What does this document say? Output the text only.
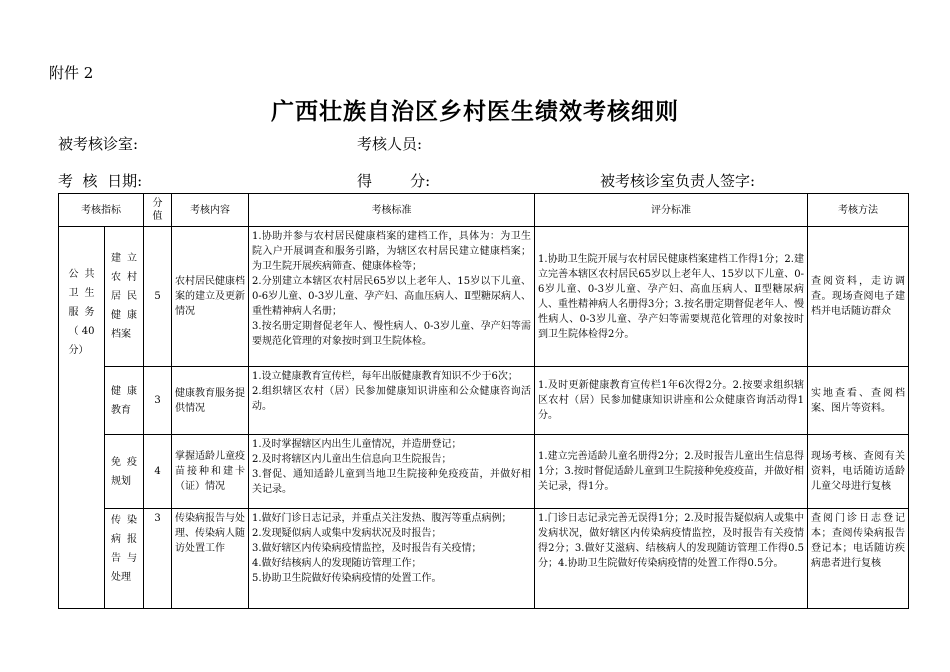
附件 2
广西壮族自治区乡村医生绩效考核细则
被考核诊室:	考核人员:
考  核  日期:	得        分:	被考核诊室负责人签字:
考核指标		分值	考核内容	考核标准	评分标准	考核方法

公共卫生服务（40分）	建立农村居民健康档案	5	农村居民健康档案的建立及更新情况	1.协助并参与农村居民健康档案的建档工作，具体为：为卫生院入户开展调查和服务引路，为辖区农村居民建立健康档案；为卫生院开展疾病筛查、健康体检等；
2.分别建立本辖区农村居民65岁以上老年人、15岁以下儿童、0-6岁儿童、0-3岁儿童、孕产妇、高血压病人、Ⅱ型糖尿病人、重性精神病人名册；
3.按名册定期督促老年人、慢性病人、0-3岁儿童、孕产妇等需要规范化管理的对象按时到卫生院体检。	1.协助卫生院开展与农村居民健康档案建档工作得1分；2.建立完善本辖区农村居民65岁以上老年人、15岁以下儿童、0-6岁儿童、0-3岁儿童、孕产妇、高血压病人、Ⅱ型糖尿病人、重性精神病人名册得3分；3.按名册定期督促老年人、慢性病人、0-3岁儿童、孕产妇等需要规范化管理的对象按时到卫生院体检得2分。	查阅资料，走访调查。现场查阅电子建档并电话随访群众

	健康教育	3	健康教育服务提供情况	1.设立健康教育宣传栏，每年出版健康教育知识不少于6次；
2.组织辖区农村（居）民参加健康知识讲座和公众健康咨询活动。	1.及时更新健康教育宣传栏1年6次得2分。2.按要求组织辖区农村（居）民参加健康知识讲座和公众健康咨询活动得1分。	实地查看、查阅档案、图片等资料。

	免疫规划	4	掌握适龄儿童疫苗接种和建卡（证）情况	1.及时掌握辖区内出生儿童情况，并造册登记；
2.及时将辖区内儿童出生信息向卫生院报告；
3.督促、通知适龄儿童到当地卫生院接种免疫疫苗，并做好相关记录。	1.建立完善适龄儿童名册得2分；2.及时报告儿童出生信息得1分；3.按时督促适龄儿童到卫生院接种免疫疫苗，并做好相关记录，得1分。	现场考核、查阅有关资料，电话随访适龄儿童父母进行复核

	传染病报告与处理	3	传染病报告与处理、传染病人随访处置工作	1.做好门诊日志记录，并重点关注发热、腹泻等重点病例；
2.发现疑似病人或集中发病状况及时报告；
3.做好辖区内传染病疫情监控，及时报告有关疫情；
4.做好结核病人的发现随访管理工作；
5.协助卫生院做好传染病疫情的处置工作。	1.门诊日志记录完善无误得1分；2.及时报告疑似病人或集中发病状况，做好辖区内传染病疫情监控，及时报告有关疫情得2分；3.做好艾滋病、结核病人的发现随访管理工作得0.5分；4.协助卫生院做好传染病疫情的处置工作得0.5分。	查阅门诊日志登记本；查阅传染病报告登记本；电话随访疾病患者进行复核
